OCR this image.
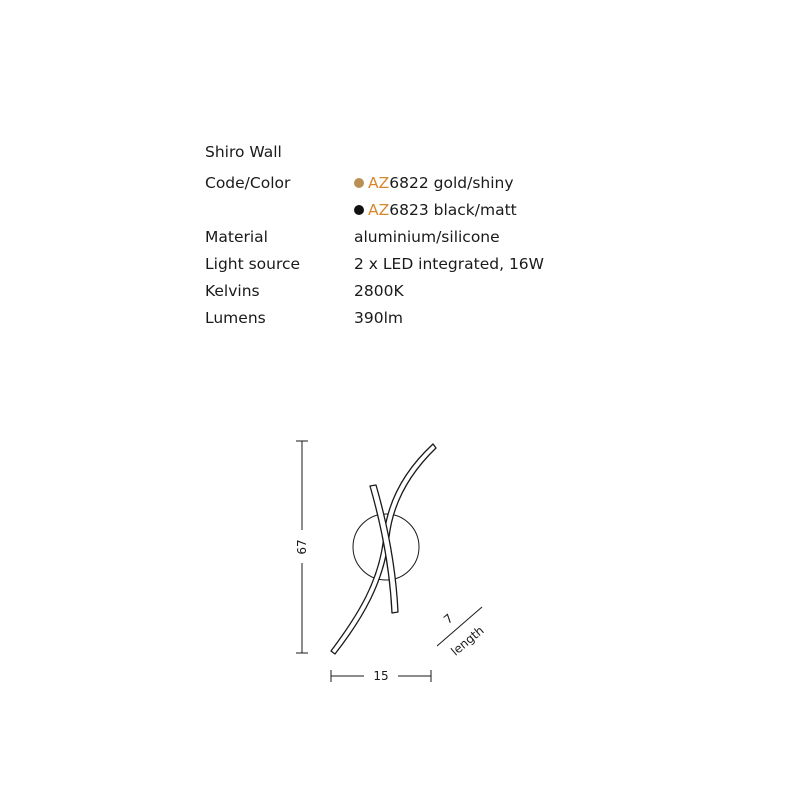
Shiro Wall
Code/Color	AZ6822 gold/shiny
AZ6823 black/matt
Material	aluminium/silicone
Light source	2 x LED integrated, 16W
Kelvins	2800K
Lumens	390lm
67
15
7
length
